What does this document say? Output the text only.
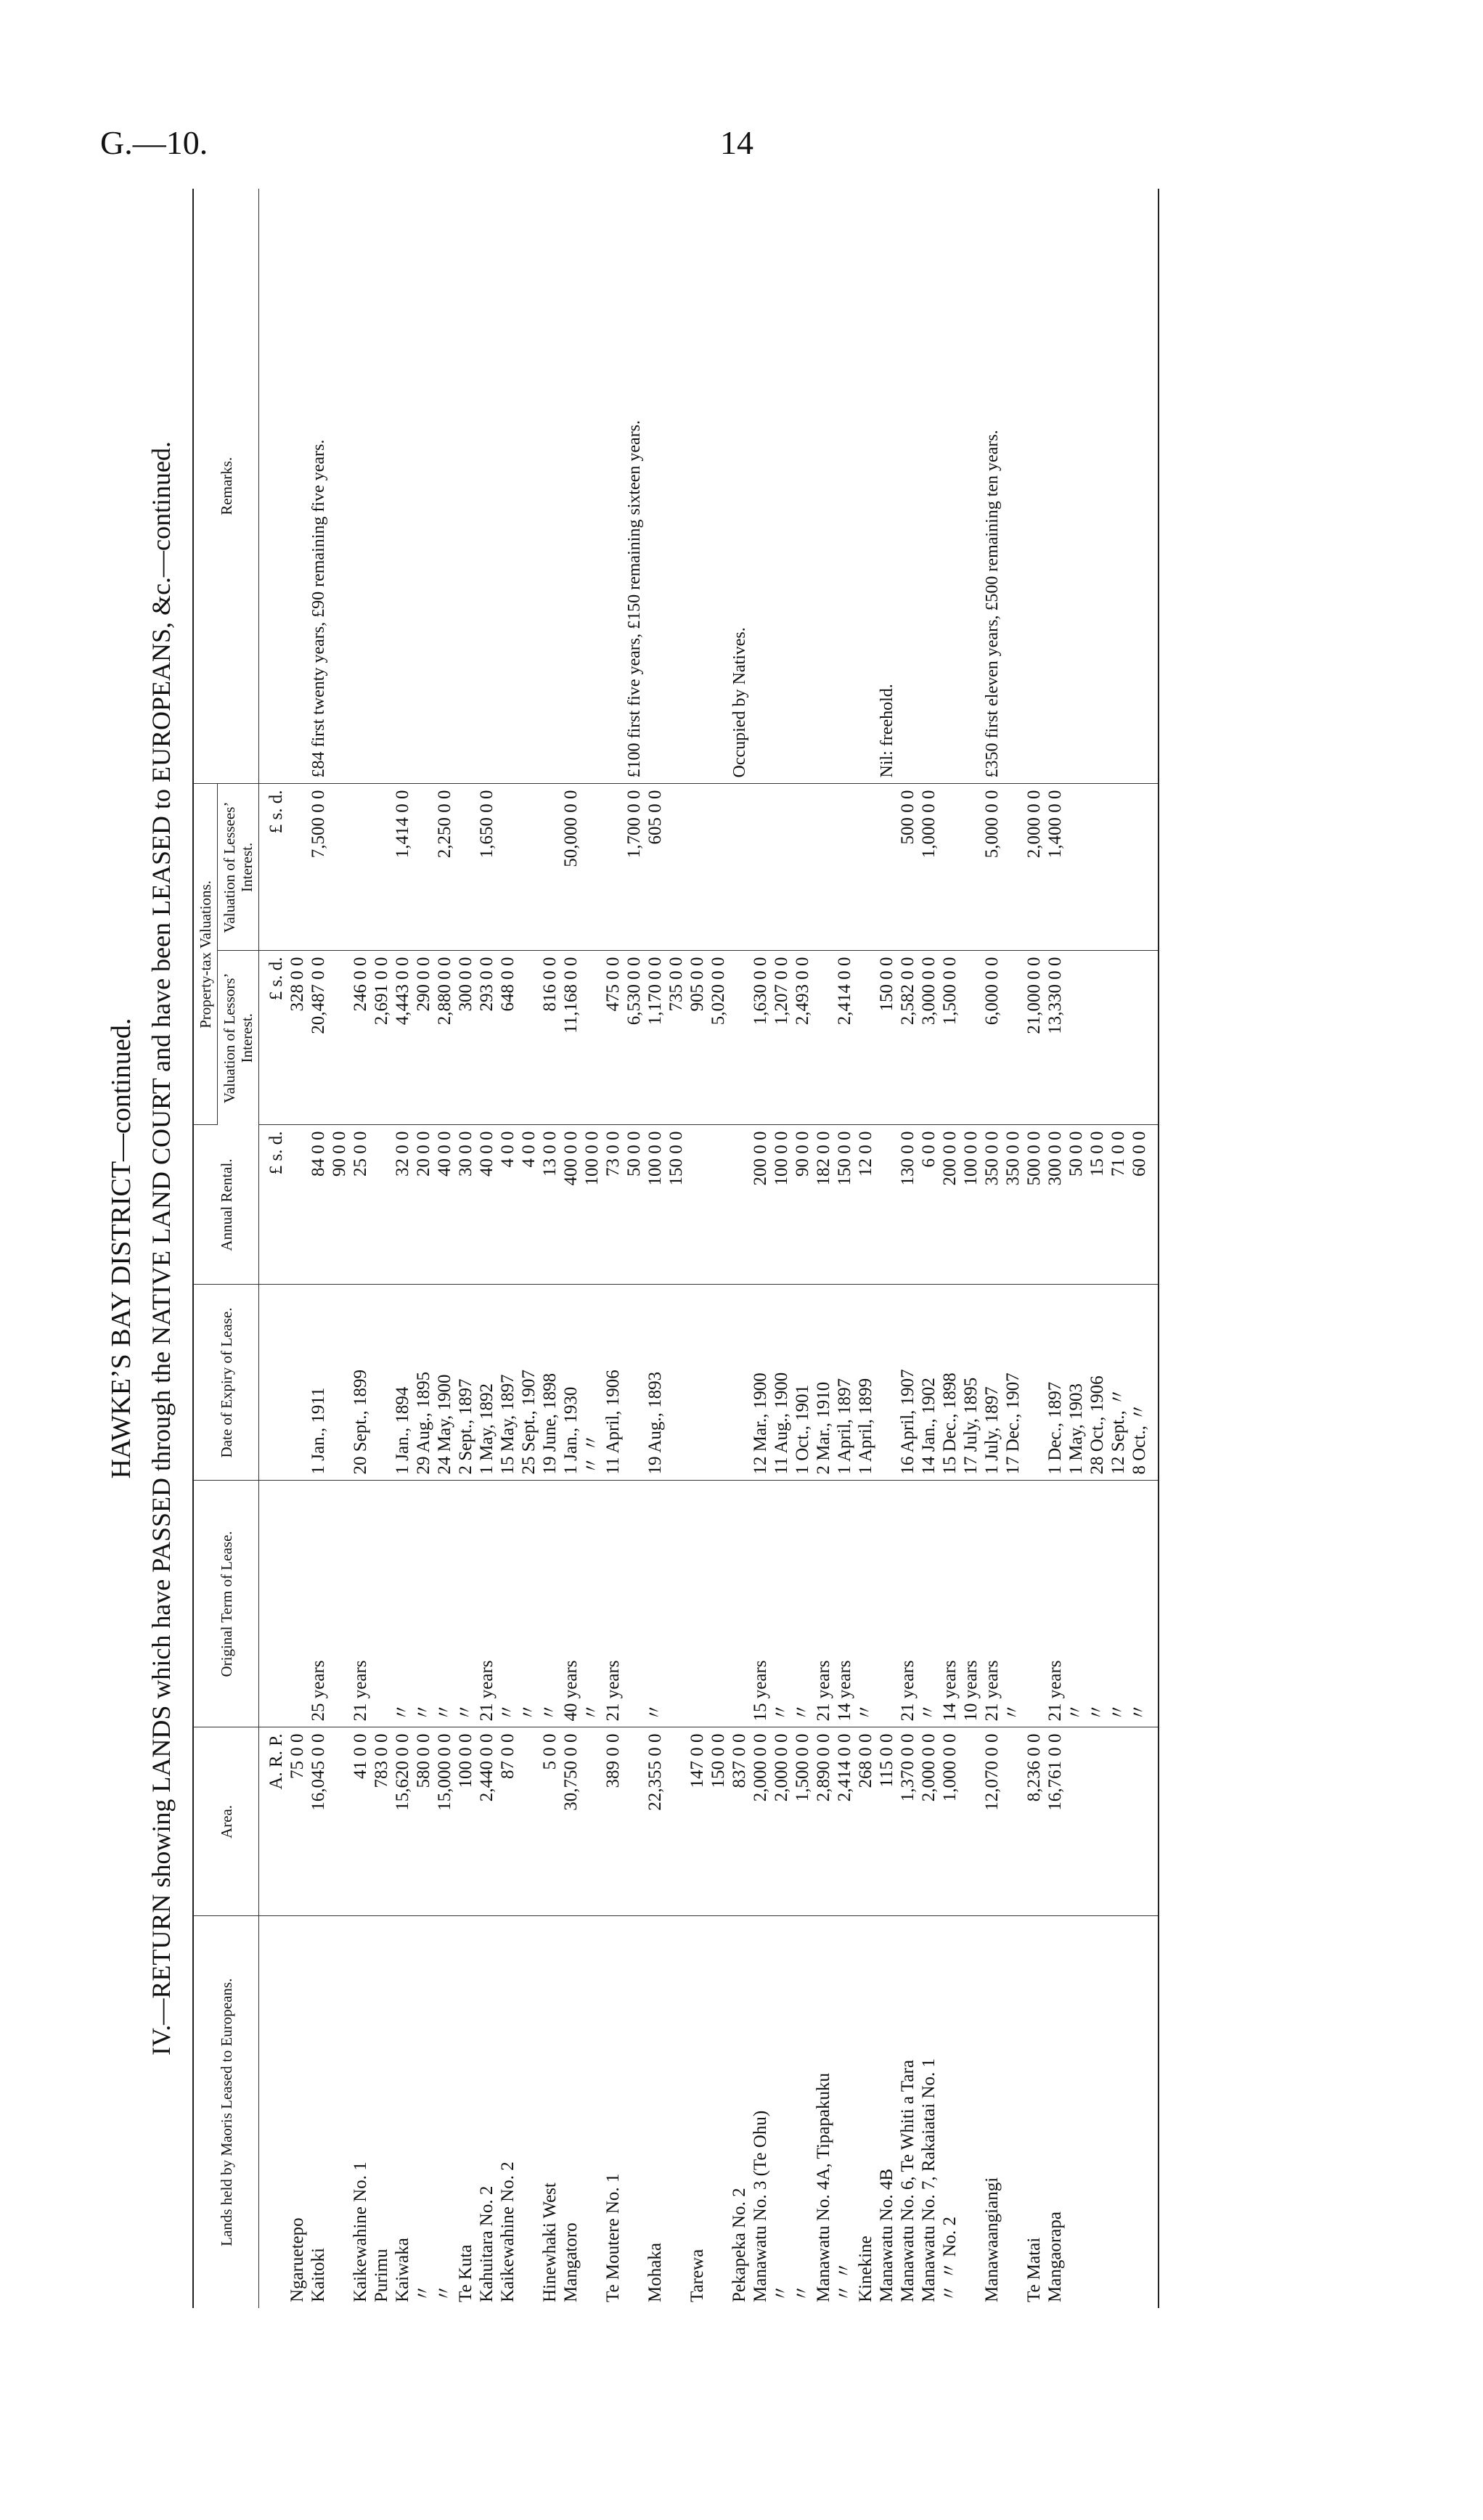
G.—10.	14
HAWKE’S BAY DISTRICT—continued. IV.—RETURN showing LANDS which have PASSED through the NATIVE LAND COURT and have been LEASED to EUROPEANS, &c.—continued.
Lands held by Maoris Leased to Europeans.	Area.	Original Term of Lease.	Date of Expiry of Lease.	Annual Rental.	Property-tax Valuations.		Remarks.
					Valuation of Lessors’ Interest.	Valuation of Lessees’ Interest.	
	A. R. P.			£ s. d.	£ s. d.	£ s. d.	
Ngaruetepo	75 0 0				328 0 0		
Kaitoki	16,045 0 0	25 years	1 Jan., 1911	84 0 0	20,487 0 0	7,500 0 0	£84 first twenty years, £90 remaining five years.
				90 0 0			
Kaikewahine No. 1	41 0 0	21 years	20 Sept., 1899	25 0 0	246 0 0		
Purimu	783 0 0				2,691 0 0		
Kaiwaka	15,620 0 0	〃	1 Jan., 1894	32 0 0	4,443 0 0	1,414 0 0	
〃	580 0 0	〃	29 Aug., 1895	20 0 0	290 0 0		
〃	15,000 0 0	〃	24 May, 1900	40 0 0	2,880 0 0	2,250 0 0	
Te Kuta	100 0 0	〃	2 Sept., 1897	30 0 0	300 0 0		
Kahuitara No. 2	2,440 0 0	21 years	1 May, 1892	40 0 0	293 0 0	1,650 0 0	
Kaikewahine No. 2	87 0 0	〃	15 May, 1897	4 0 0	648 0 0		
		〃	25 Sept., 1907	4 0 0			
Hinewhaki West	5 0 0	〃	19 June, 1898	13 0 0	816 0 0		
Mangatoro	30,750 0 0	40 years	1 Jan., 1930	400 0 0	11,168 0 0	50,000 0 0	
		〃	〃 〃	100 0 0			
Te Moutere No. 1	389 0 0	21 years	11 April, 1906	73 0 0	475 0 0		
				50 0 0	6,530 0 0	1,700 0 0	£100 first five years, £150 remaining sixteen years.
Mohaka	22,355 0 0	〃	19 Aug., 1893	100 0 0	1,170 0 0	605 0 0	
				150 0 0	735 0 0		
Tarewa	147 0 0				905 0 0		
	150 0 0				5,020 0 0		
Pekapeka No. 2	837 0 0						Occupied by Natives.
Manawatu No. 3 (Te Ohu)	2,000 0 0	15 years	12 Mar., 1900	200 0 0	1,630 0 0		
〃	2,000 0 0	〃	11 Aug., 1900	100 0 0	1,207 0 0		
〃	1,500 0 0	〃	1 Oct., 1901	90 0 0	2,493 0 0		
Manawatu No. 4A, Tipapakuku	2,890 0 0	21 years	2 Mar., 1910	182 0 0			
〃 〃	2,414 0 0	14 years	1 April, 1897	150 0 0	2,414 0 0		
Kinekine	268 0 0	〃	1 April, 1899	12 0 0			
Manawatu No. 4B	115 0 0				150 0 0		Nil: freehold.
Manawatu No. 6, Te Whiti a Tara	1,370 0 0	21 years	16 April, 1907	130 0 0	2,582 0 0	500 0 0	
Manawatu No. 7, Rakaiatai No. 1	2,000 0 0	〃	14 Jan., 1902	6 0 0	3,000 0 0	1,000 0 0	
〃 〃 No. 2	1,000 0 0	14 years	15 Dec., 1898	200 0 0	1,500 0 0		
		10 years	17 July, 1895	100 0 0			
Manawaangiangi	12,070 0 0	21 years	1 July, 1897	350 0 0	6,000 0 0	5,000 0 0	£350 first eleven years, £500 remaining ten years.
		〃	17 Dec., 1907	350 0 0			
Te Matai	8,236 0 0			500 0 0	21,000 0 0	2,000 0 0	
Mangaorapa	16,761 0 0	21 years	1 Dec., 1897	300 0 0	13,330 0 0	1,400 0 0	
		〃	1 May, 1903	50 0 0			
		〃	28 Oct., 1906	15 0 0			
		〃	12 Sept., 〃	71 0 0			
		〃	8 Oct., 〃	60 0 0			
